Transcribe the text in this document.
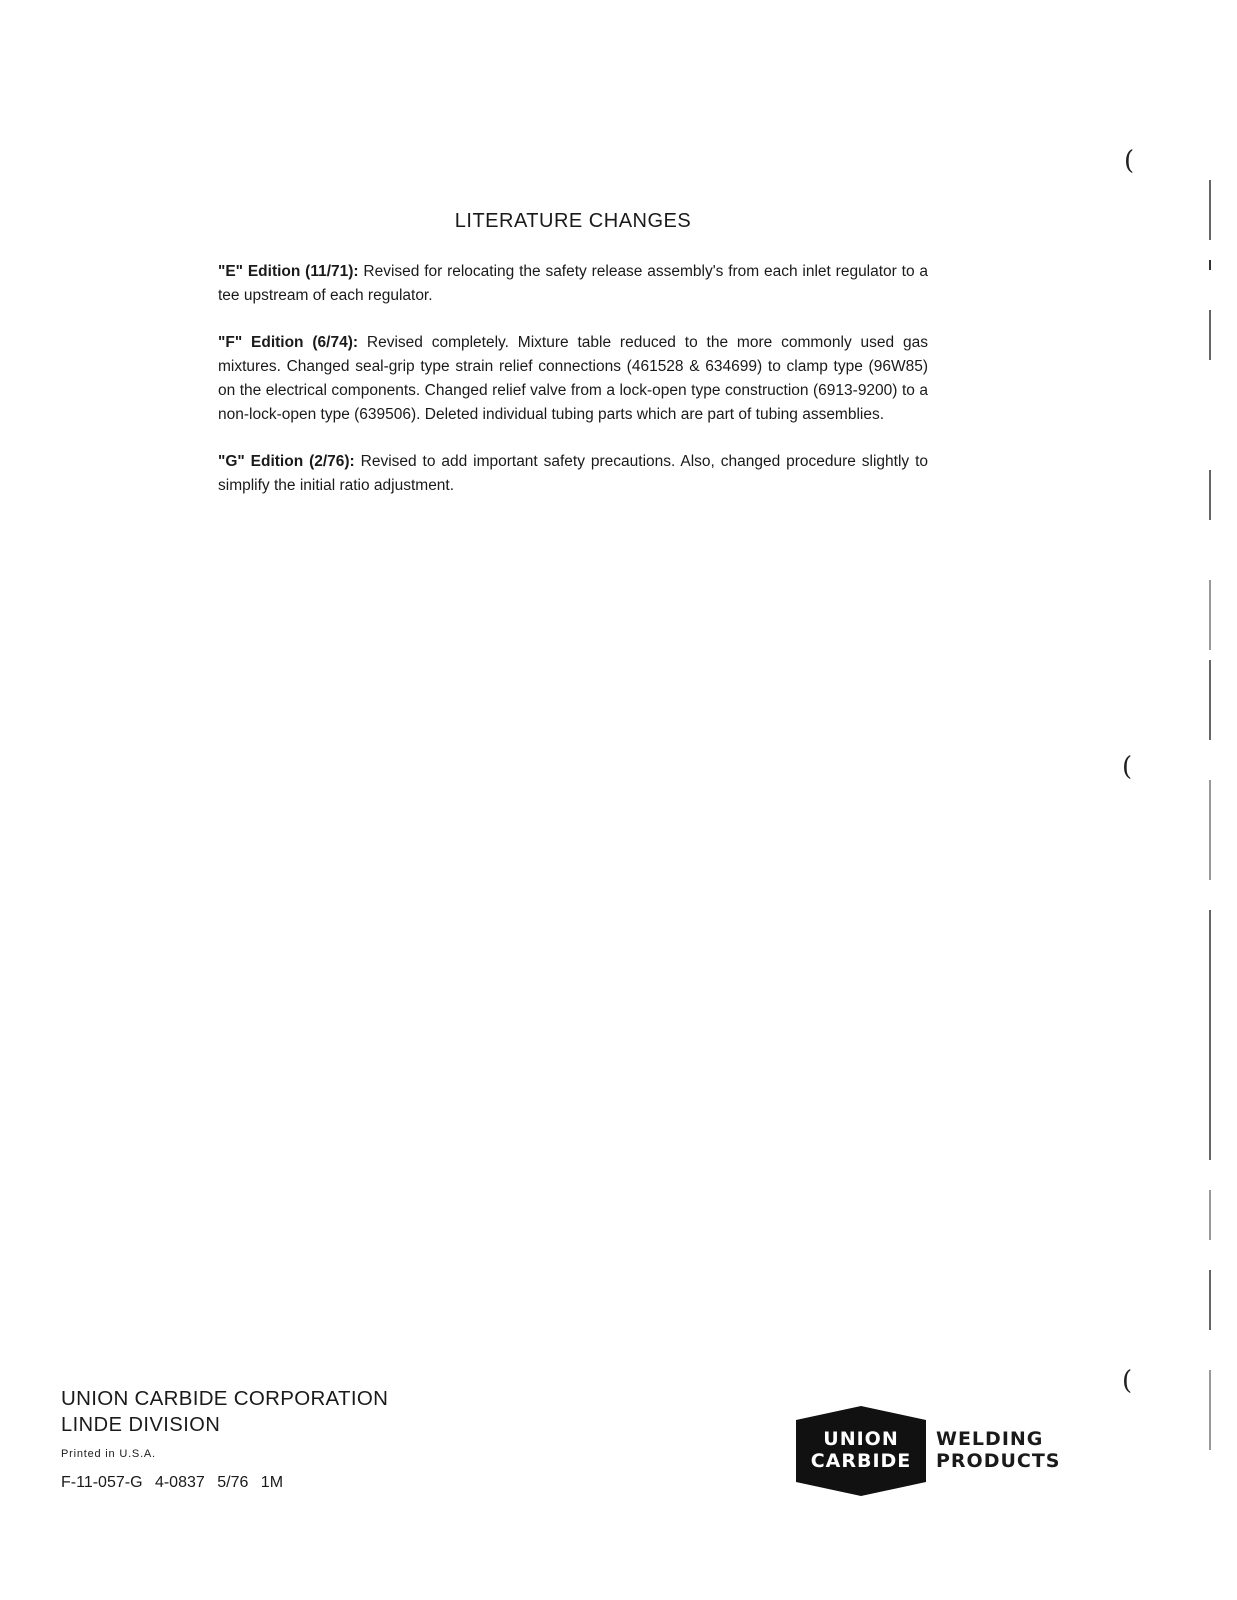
LITERATURE CHANGES

"E" Edition (11/71): Revised for relocating the safety release assembly's from each inlet regulator to a tee upstream of each regulator.

"F" Edition (6/74): Revised completely. Mixture table reduced to the more commonly used gas mixtures. Changed seal-grip type strain relief connections (461528 & 634699) to clamp type (96W85) on the electrical components. Changed relief valve from a lock-open type construction (6913-9200) to a non-lock-open type (639506). Deleted individual tubing parts which are part of tubing assemblies.

"G" Edition (2/76): Revised to add important safety precautions. Also, changed procedure slightly to simplify the initial ratio adjustment.

UNION CARBIDE CORPORATION
LINDE DIVISION
Printed in U.S.A.
F-11-057-G 4-0837 5/76 1M
UNION
CARBIDE
WELDING
PRODUCTS
(
(
(
